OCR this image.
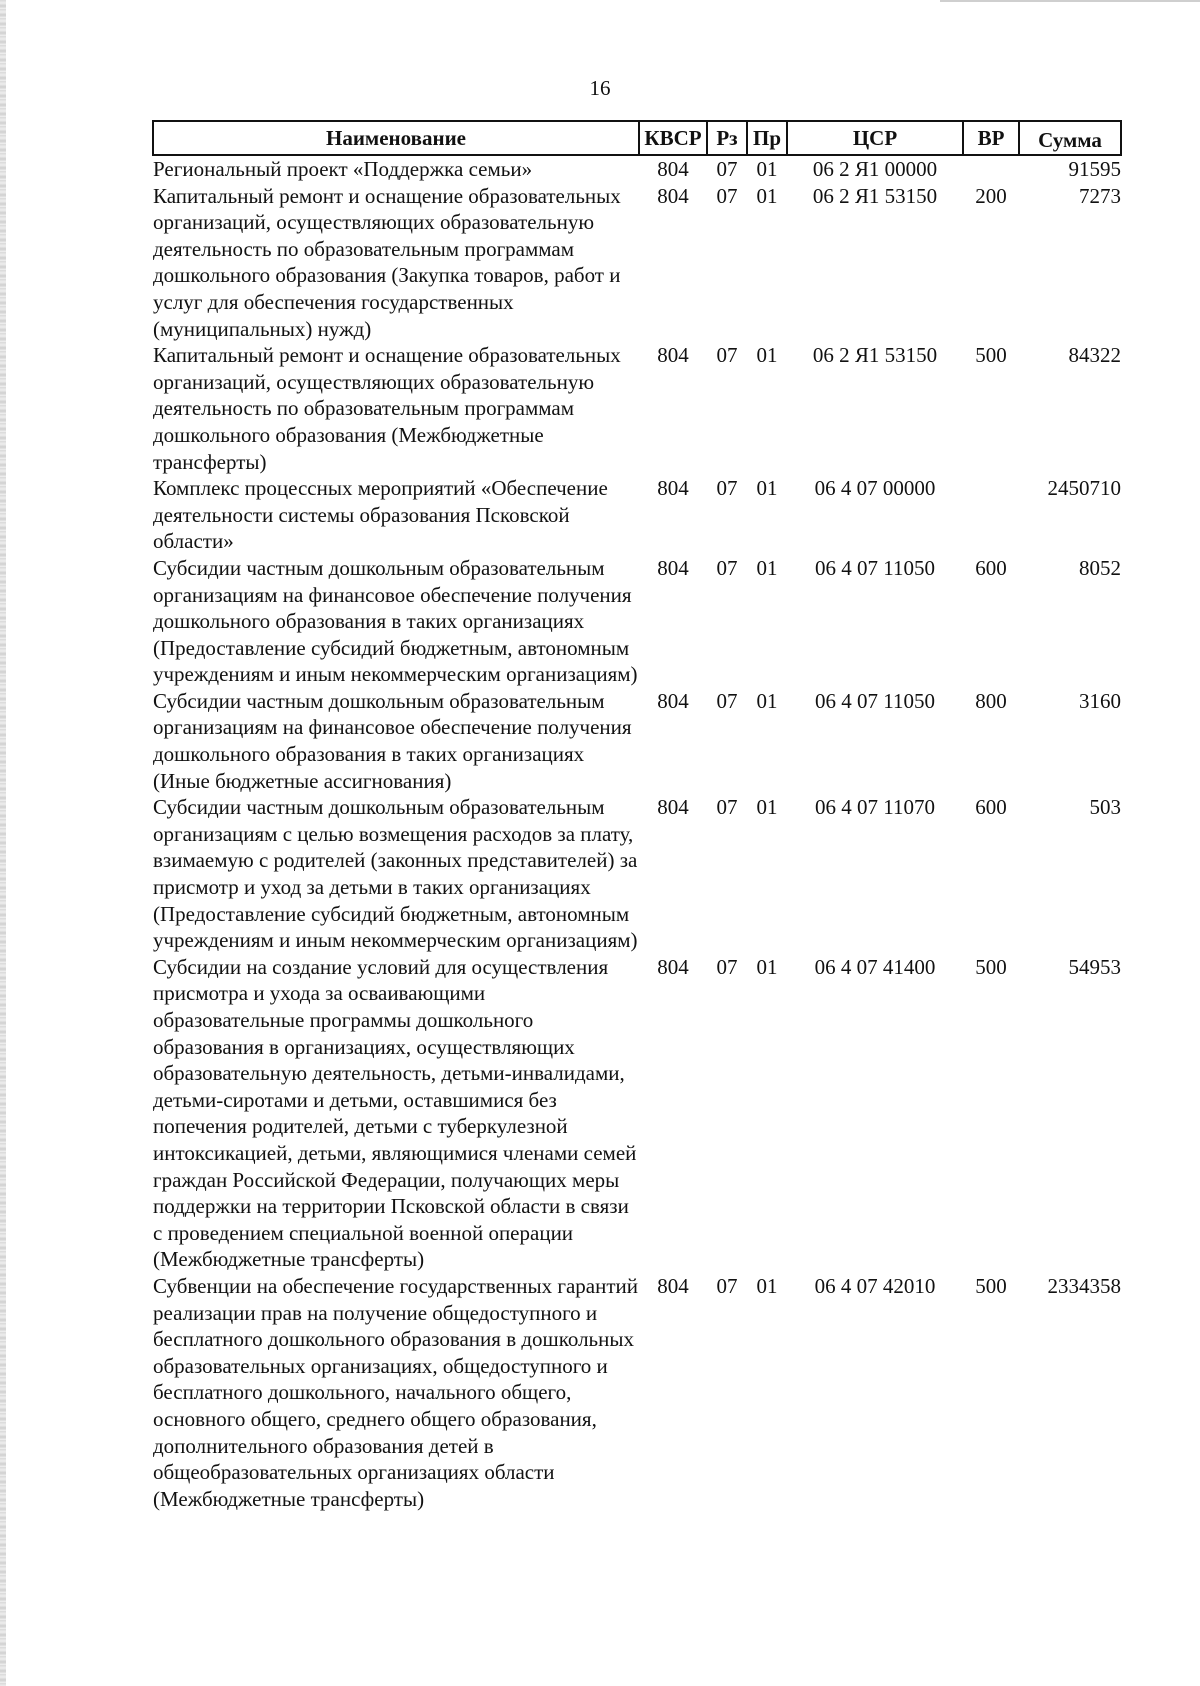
16
Наименование	КВСР	Рз	Пр	ЦСР	ВР	Сумма
Региональный проект «Поддержка семьи»	804	07	01	06 2 Я1 00000		91595
Капитальный ремонт и оснащение образовательных организаций, осуществляющих образовательную деятельность по образовательным программам дошкольного образования (Закупка товаров, работ и услуг для обеспечения государственных (муниципальных) нужд)	804	07	01	06 2 Я1 53150	200	7273
Капитальный ремонт и оснащение образовательных организаций, осуществляющих образовательную деятельность по образовательным программам дошкольного образования (Межбюджетные трансферты)	804	07	01	06 2 Я1 53150	500	84322
Комплекс процессных мероприятий «Обеспечение деятельности системы образования Псковской области»	804	07	01	06 4 07 00000		2450710
Субсидии частным дошкольным образовательным организациям на финансовое обеспечение получения дошкольного образования в таких организациях (Предоставление субсидий бюджетным, автономным учреждениям и иным некоммерческим организациям)	804	07	01	06 4 07 11050	600	8052
Субсидии частным дошкольным образовательным организациям на финансовое обеспечение получения дошкольного образования в таких организациях (Иные бюджетные ассигнования)	804	07	01	06 4 07 11050	800	3160
Субсидии частным дошкольным образовательным организациям с целью возмещения расходов за плату, взимаемую с родителей (законных представителей) за присмотр и уход за детьми в таких организациях (Предоставление субсидий бюджетным, автономным учреждениям и иным некоммерческим организациям)	804	07	01	06 4 07 11070	600	503
Субсидии на создание условий для осуществления присмотра и ухода за осваивающими образовательные программы дошкольного образования в организациях, осуществляющих образовательную деятельность, детьми-инвалидами, детьми-сиротами и детьми, оставшимися без попечения родителей, детьми с туберкулезной интоксикацией, детьми, являющимися членами семей граждан Российской Федерации, получающих меры поддержки на территории Псковской области в связи с проведением специальной военной операции (Межбюджетные трансферты)	804	07	01	06 4 07 41400	500	54953
Субвенции на обеспечение государственных гарантий реализации прав на получение общедоступного и бесплатного дошкольного образования в дошкольных образовательных организациях, общедоступного и бесплатного дошкольного, начального общего, основного общего, среднего общего образования, дополнительного образования детей в общеобразовательных организациях области (Межбюджетные трансферты)	804	07	01	06 4 07 42010	500	2334358
